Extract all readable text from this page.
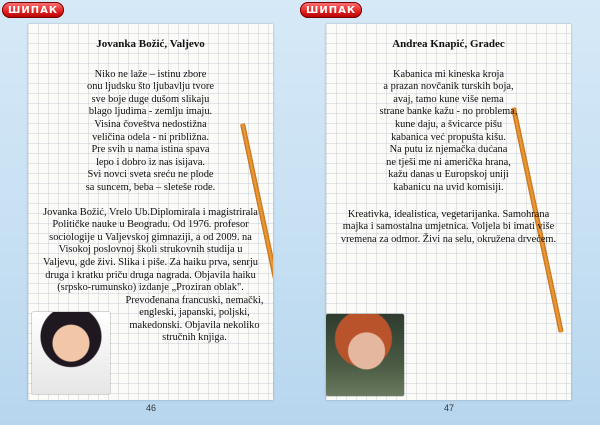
ШИПАК	ШИПАК
Jovanka Božić, Valjevo
Niko ne laže – istinu zbore
onu ljudsku što ljubavlju tvore
sve boje duge dušom slikaju
blago ljudima - zemlju imaju.
Visina čoveštva nedostižna
veličina odela - ni približna.
Pre svih u nama istina spava
lepo i dobro iz nas isijava.
Svi novci sveta sreću ne plode
sa suncem, beba – sleteše rode.
Jovanka Božić, Vrelo Ub.Diplomirala i magistrirala
Političke nauke u Beogradu. Od 1976. profesor
sociologije u Valjevskoj gimnaziji, a od 2009. na
Visokoj poslovnoj školi strukovnih studija u
Valjevu, gde živi. Slika i piše. Za haiku prva, senrju
druga i kratku priču druga nagrada. Objavila haiku
(srpsko-rumunsko) izdanje „Proziran oblak".
Prevođenana francuski, nemački,
engleski, japanski, poljski,
makedonski. Objavila nekoliko
stručnih knjiga.
46
Andrea Knapić, Gradec
Kabanica mi kineska kroja
a prazan novčanik turskih boja,
avaj, tamo kune više nema
strane banke kažu - no problema,
kune daju, a švicarce pišu
kabanica već propušta kišu.
Na putu iz njemačka dućana
ne tješi me ni američka hrana,
kažu danas u Europskoj uniji
kabanicu na uvid komisiji.
Kreativka, idealistica, vegetarijanka. Samohrana
majka i samostalna umjetnica. Voljela bi imati više
vremena za odmor. Živi na selu, okružena drvećem.
47
